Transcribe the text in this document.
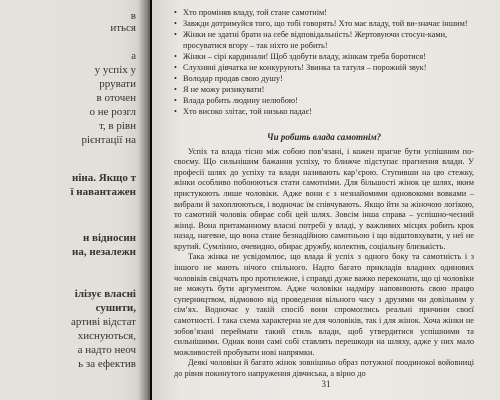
в
иться
а
у успіх у
ррувати
в оточен
о не розгл
т, в рівн
рієнтації на
ніна. Якщо т
ї навантажен
н відносин
на, незалежн
ілізує власні
сушити,
артиві відстат
хиснуються,
а надто неоч
ь за ефектив
• Хто проміняв владу, той стане самотнім!
• Завжди дотримуйся того, що тобі говорять! Хто має владу, той ви-значає іншим!
• Жінки не здатні брати на себе відповідальність! Жертовуючи стосун-ками, просуватися вгору – так ніхто не робить!
• Жінки – сірі кардинали! Щоб здобути владу, жінкам треба боротися!
• Слухняні дівчатка не конкурують! Звинка та татуля – порожній звук!
• Володар продав свою душу!
• Я не можу ризикувати!
• Влада робить людину нелюбою!
• Хто високо злітає, той низько падає!
Чи робить влада самотнім?

Успіх та влада тісно між собою пов’язані, і кожен прагне бути успішним по-своєму. Що сильнішим бажання успіху, то ближче підступає прагнення влади. У професії шлях до успіху та влади називають кар’єрою. Ступивши на цю стежку, жінки особливо побоюються стати самотніми. Для більшості жінок це шлях, яким пристукоють лише чоловіки. Адже вони є з незнайомими одновокоми вовками – вибрали й захоплюються, і водночас їм співчувають. Якщо йти за жіночою логікою, то самотній чоловік обирає собі цей шлях. Зовсім інша справа – успішно-чесний жінці. Вона притаманному власні потребі у владі, у важливих місцях робить крок назад, нагевне, що вона стане безнадійною самотньою і що відштовхувати, у неї не крутий. Сумлінно, очевидно, обирає дружбу, колектив, соціальну близькість.

Така жінка не усвідомлює, що влада й успіх з одного боку та самотність і з іншого не мають нічого спільного. Надто багато прикладів владних одинових чоловіків свідчать про протилежне, і справді дуже важко переконати, що ці чоловіки не можуть бути аргументом. Адже чоловіки надміру наповнюють свою працю суперництвом, відмовою від проведення вільного часу з друзями чи довільним у сім’ях. Водночас у такій спосіб вони спромоглись реальні причини своєї самотності. І така схема характерна не для чоловіків, так і для жінок. Хоча жінки не зобов’язані переймати такий стиль влади, щоб утвердитися успішними та сильнішими. Однак вони самі собі ставлять перешкоди на шляху, адже у них мало можливостей пробувати нові напрямки.

Деякі чоловіки й багато жінок зовнішньо образ потужної поодинокої войовниці до рівня покинутого напруження дівчиська, а вірно до

31
